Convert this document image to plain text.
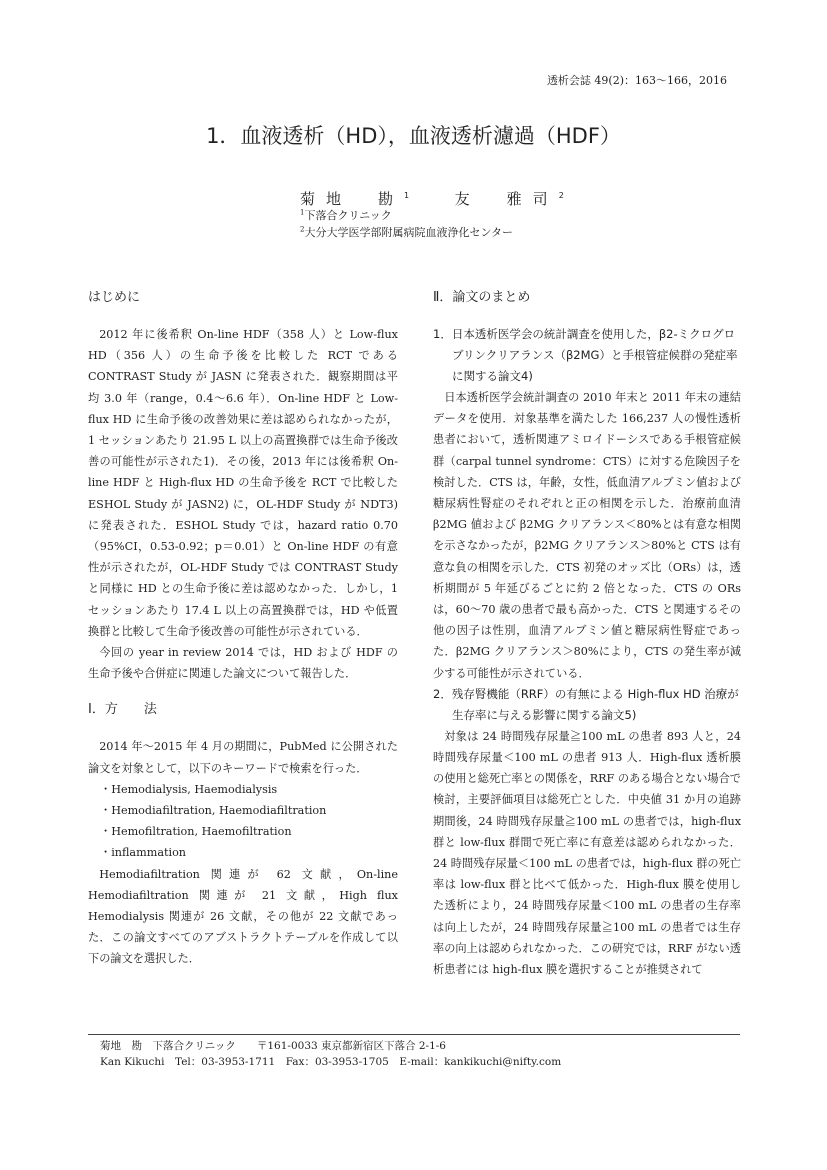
透析会誌 49(2)：163～166，2016
1．血液透析（HD），血液透析濾過（HDF）
菊地　勘$^1$	友　雅司$^2$
$^1$下落合クリニック
$^2$大分大学医学部附属病院血液浄化センター
はじめに
2012 年に後希釈 On-line HDF（358 人）と Low-flux HD（356 人）の生命予後を比較した RCT である CONTRAST Study が JASN に発表された．観察期間は平均 3.0 年（range，0.4～6.6 年）．On-line HDF と Low-flux HD に生命予後の改善効果に差は認められなかったが，1 セッションあたり 21.95 L 以上の高置換群では生命予後改善の可能性が示された1)．その後，2013 年には後希釈 On-line HDF と High-flux HD の生命予後を RCT で比較した ESHOL Study が JASN2) に，OL-HDF Study が NDT3) に発表された．ESHOL Study では，hazard ratio 0.70（95%CI，0.53-0.92；p＝0.01）と On-line HDF の有意性が示されたが，OL-HDF Study では CONTRAST Study と同様に HD との生命予後に差は認めなかった．しかし，1 セッションあたり 17.4 L 以上の高置換群では，HD や低置換群と比較して生命予後改善の可能性が示されている．
今回の year in review 2014 では，HD および HDF の生命予後や合併症に関連した論文について報告した．
Ⅰ．方　　法
2014 年～2015 年 4 月の期間に，PubMed に公開された論文を対象として，以下のキーワードで検索を行った．
・Hemodialysis, Haemodialysis
・Hemodiafiltration, Haemodiafiltration
・Hemofiltration, Haemofiltration
・inflammation
Hemodiafiltration 関連が 62 文献，On-line Hemodiafiltration 関連が 21 文献，High flux Hemodialysis 関連が 26 文献，その他が 22 文献であった．この論文すべてのアブストラクトテーブルを作成して以下の論文を選択した．
Ⅱ．論文のまとめ
1．日本透析医学会の統計調査を使用した，β2-ミクログロブリンクリアランス（β2MG）と手根管症候群の発症率に関する論文4)
日本透析医学会統計調査の 2010 年末と 2011 年末の連結データを使用．対象基準を満たした 166,237 人の慢性透析患者において，透析関連アミロイドーシスである手根管症候群（carpal tunnel syndrome：CTS）に対する危険因子を検討した．CTS は，年齢，女性，低血清アルブミン値および糖尿病性腎症のそれぞれと正の相関を示した．治療前血清 β2MG 値および β2MG クリアランス＜80%とは有意な相関を示さなかったが，β2MG クリアランス＞80%と CTS は有意な負の相関を示した．CTS 初発のオッズ比（ORs）は，透析期間が 5 年延びるごとに約 2 倍となった．CTS の ORs は，60～70 歳の患者で最も高かった．CTS と関連するその他の因子は性別，血清アルブミン値と糖尿病性腎症であった．β2MG クリアランス＞80%により，CTS の発生率が減少する可能性が示されている．
2．残存腎機能（RRF）の有無による High-flux HD 治療が生存率に与える影響に関する論文5)
対象は 24 時間残存尿量≧100 mL の患者 893 人と，24 時間残存尿量＜100 mL の患者 913 人．High-flux 透析膜の使用と総死亡率との関係を，RRF のある場合とない場合で検討，主要評価項目は総死亡とした．中央値 31 か月の追跡期間後，24 時間残存尿量≧100 mL の患者では，high-flux 群と low-flux 群間で死亡率に有意差は認められなかった．24 時間残存尿量＜100 mL の患者では，high-flux 群の死亡率は low-flux 群と比べて低かった．High-flux 膜を使用した透析により，24 時間残存尿量＜100 mL の患者の生存率は向上したが，24 時間残存尿量≧100 mL の患者では生存率の向上は認められなかった．この研究では，RRF がない透析患者には high-flux 膜を選択することが推奨されて
菊地　勘　下落合クリニック　　〒161-0033 東京都新宿区下落合 2-1-6
Kan Kikuchi　Tel：03-3953-1711　Fax：03-3953-1705　E-mail：kankikuchi@nifty.com
